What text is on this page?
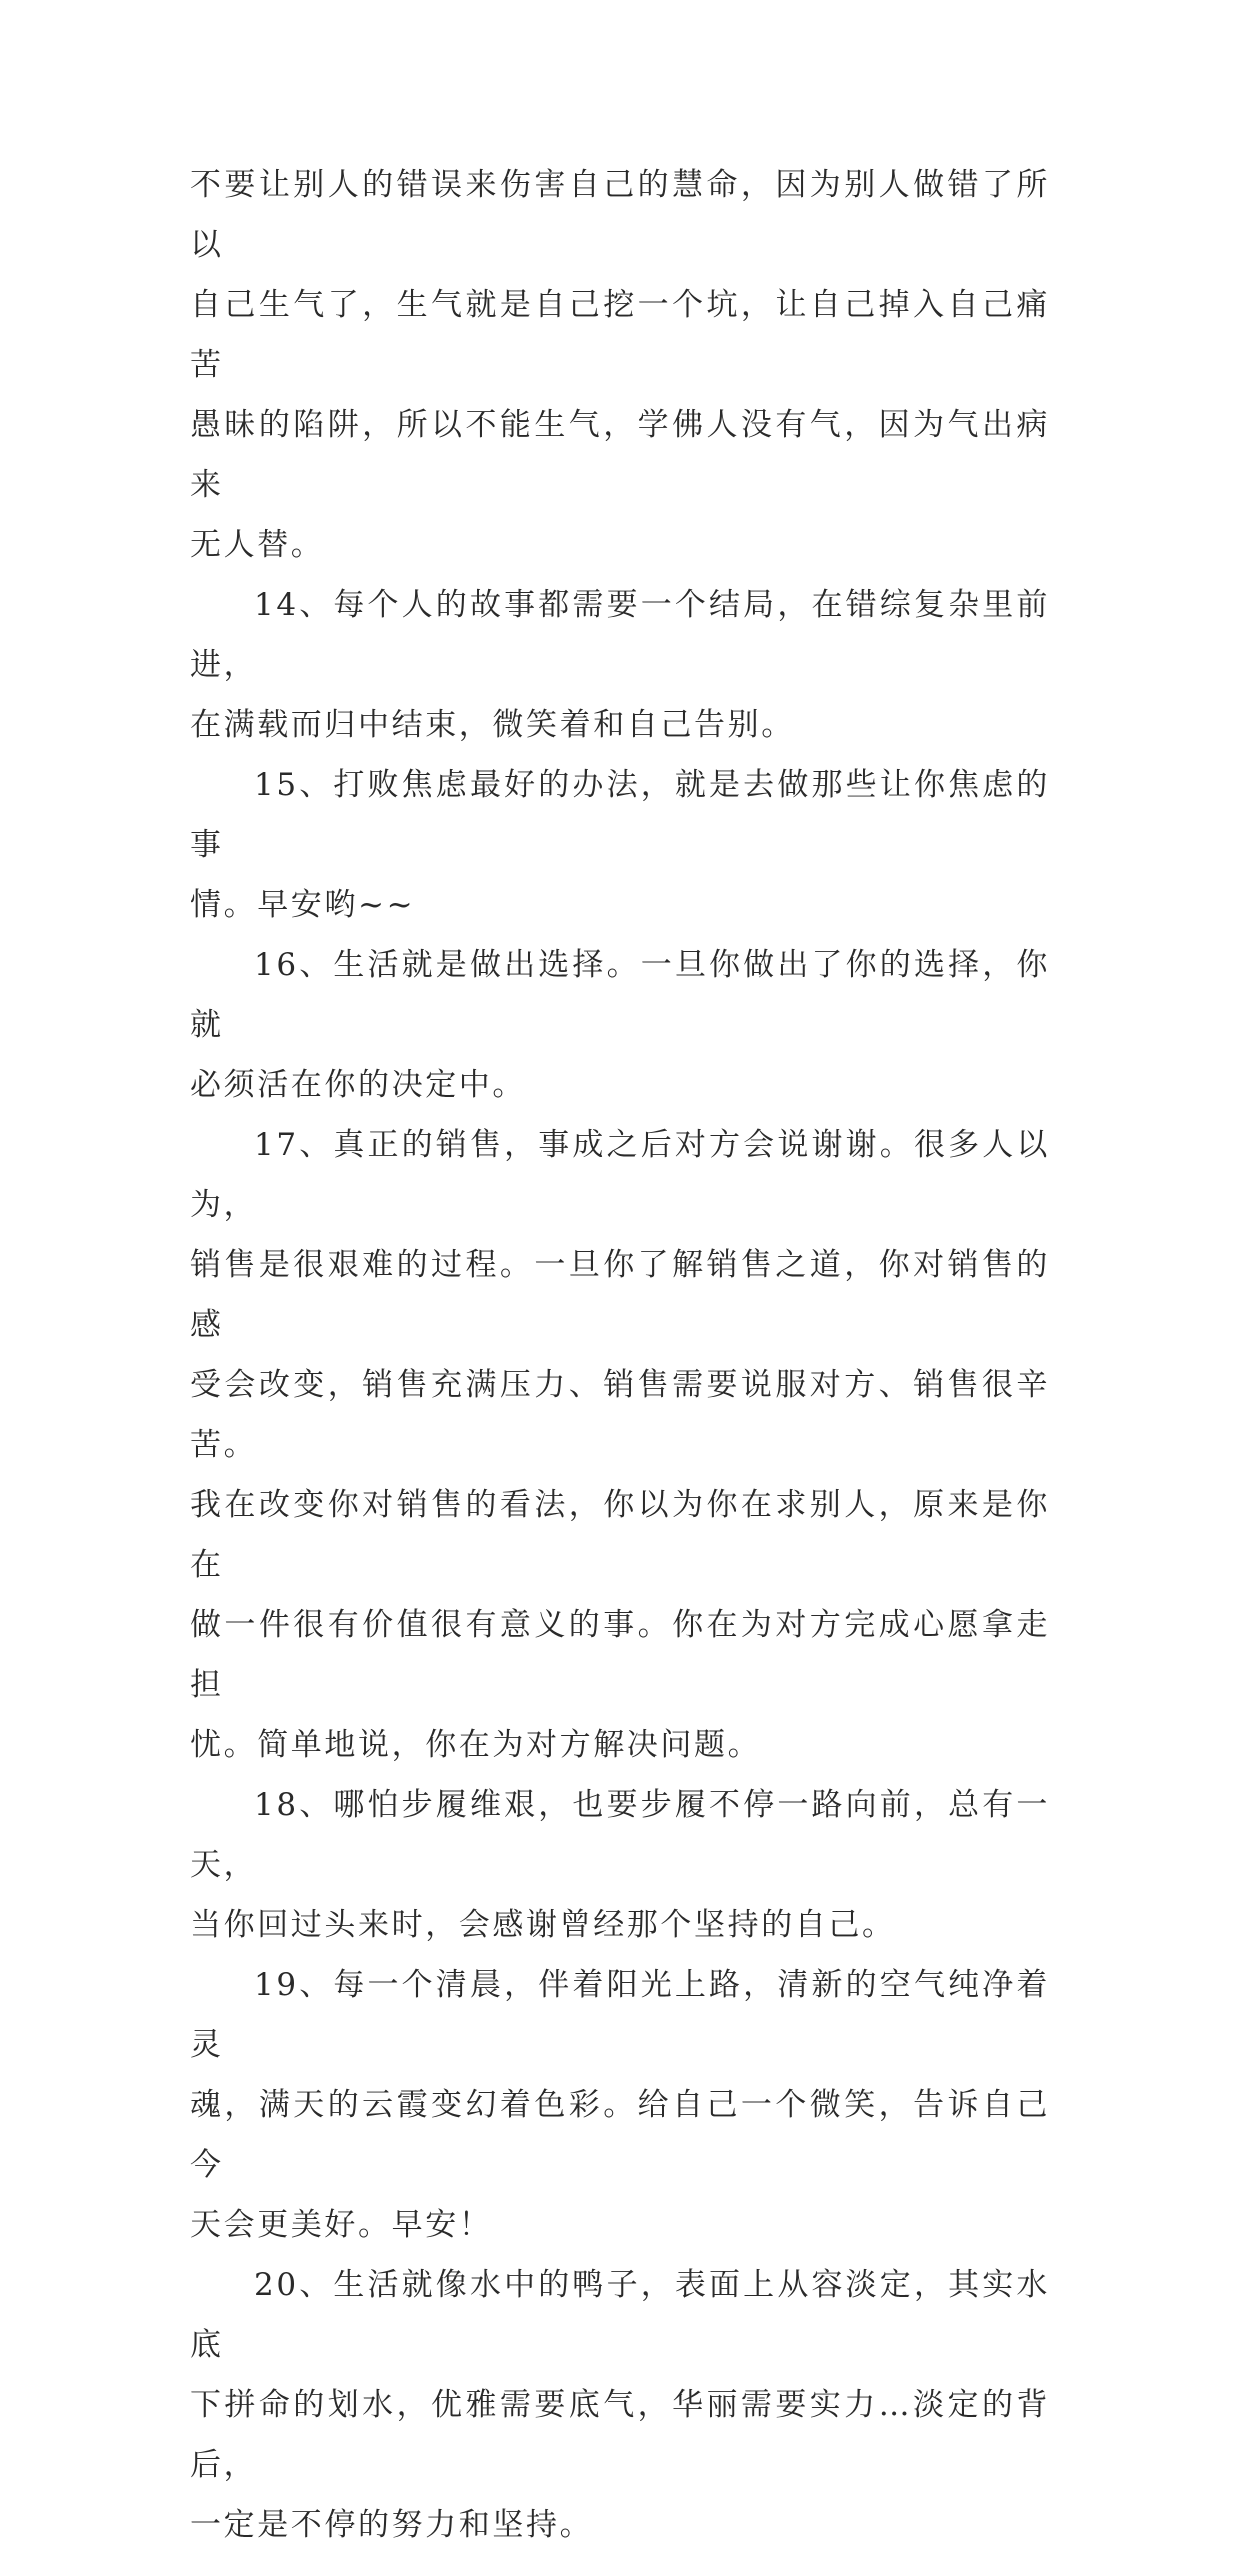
不要让别人的错误来伤害自己的慧命，因为别人做错了所以
自己生气了，生气就是自己挖一个坑，让自己掉入自己痛苦
愚昧的陷阱，所以不能生气，学佛人没有气，因为气出病来
无人替。

14、每个人的故事都需要一个结局，在错综复杂里前进，
在满载而归中结束，微笑着和自己告别。

15、打败焦虑最好的办法，就是去做那些让你焦虑的事
情。早安哟~~

16、生活就是做出选择。一旦你做出了你的选择，你就
必须活在你的决定中。

17、真正的销售，事成之后对方会说谢谢。很多人以为，
销售是很艰难的过程。一旦你了解销售之道，你对销售的感
受会改变，销售充满压力、销售需要说服对方、销售很辛苦。
我在改变你对销售的看法，你以为你在求别人，原来是你在
做一件很有价值很有意义的事。你在为对方完成心愿拿走担
忧。简单地说，你在为对方解决问题。

18、哪怕步履维艰，也要步履不停一路向前，总有一天，
当你回过头来时，会感谢曾经那个坚持的自己。

19、每一个清晨，伴着阳光上路，清新的空气纯净着灵
魂，满天的云霞变幻着色彩。给自己一个微笑，告诉自己今
天会更美好。早安！

20、生活就像水中的鸭子，表面上从容淡定，其实水底
下拼命的划水，优雅需要底气，华丽需要实力…淡定的背后，
一定是不停的努力和坚持。
